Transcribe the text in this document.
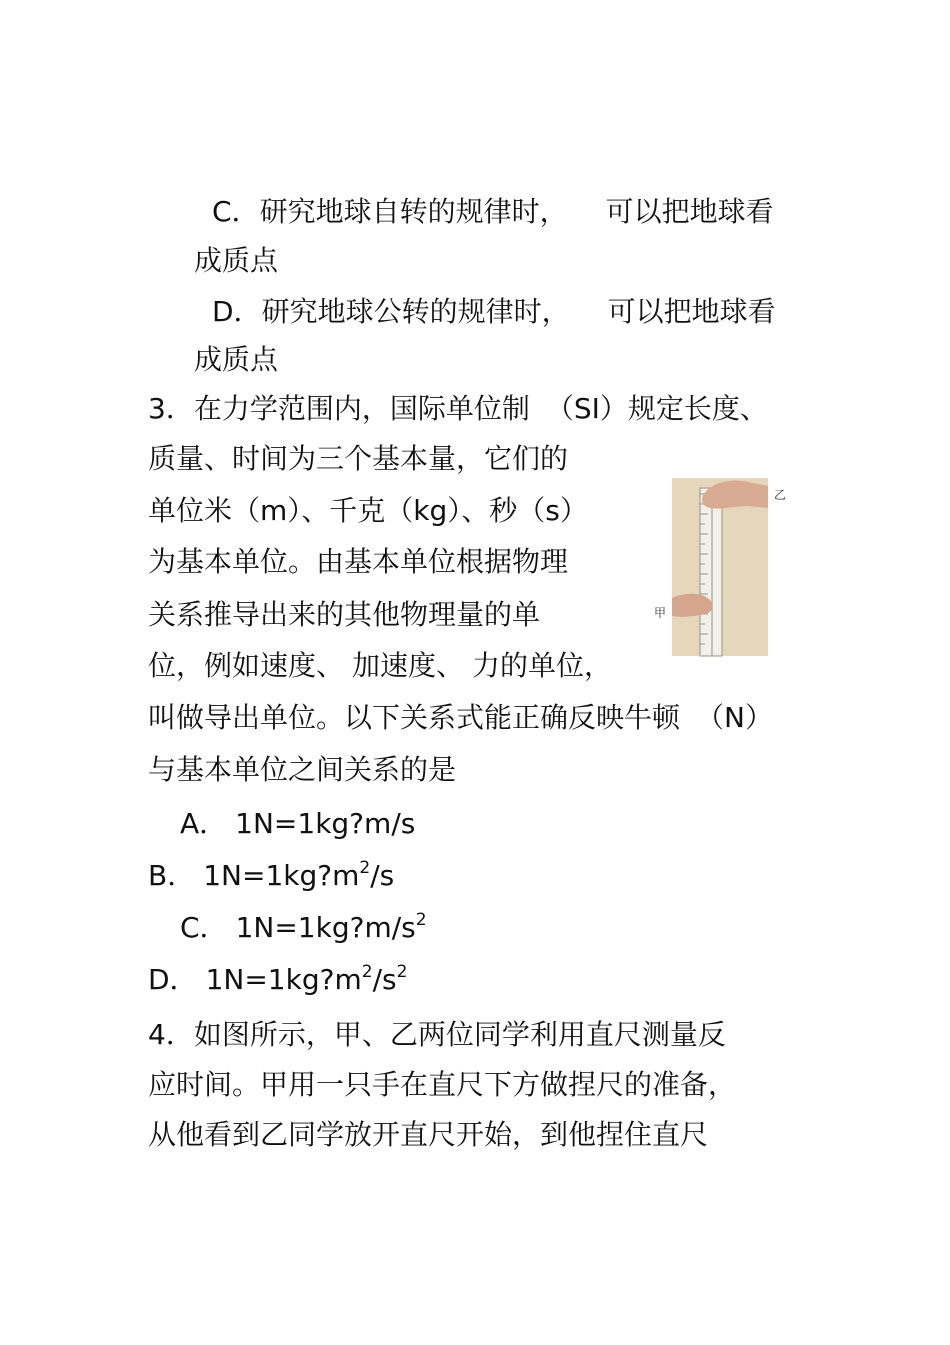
C．研究地球自转的规律时， 可以把地球看
成质点
D．研究地球公转的规律时， 可以把地球看
成质点
3．在力学范围内，国际单位制 （SI）规定长度、
质量、时间为三个基本量，它们的
单位米（m）、千克（kg）、秒（s）
为基本单位。由基本单位根据物理
关系推导出来的其他物理量的单
位，例如速度、 加速度、 力的单位，
叫做导出单位。以下关系式能正确反映牛顿 （N）
与基本单位之间关系的是
A． 1N=1kg?m/s
B． $1N=1kg?m^2/s$
C． $1N=1kg?m/s^2$
D． $1N=1kg?m^2/s^2$
4．如图所示，甲、乙两位同学利用直尺测量反
应时间。甲用一只手在直尺下方做捏尺的准备，
从他看到乙同学放开直尺开始，到他捏住直尺
乙
甲
